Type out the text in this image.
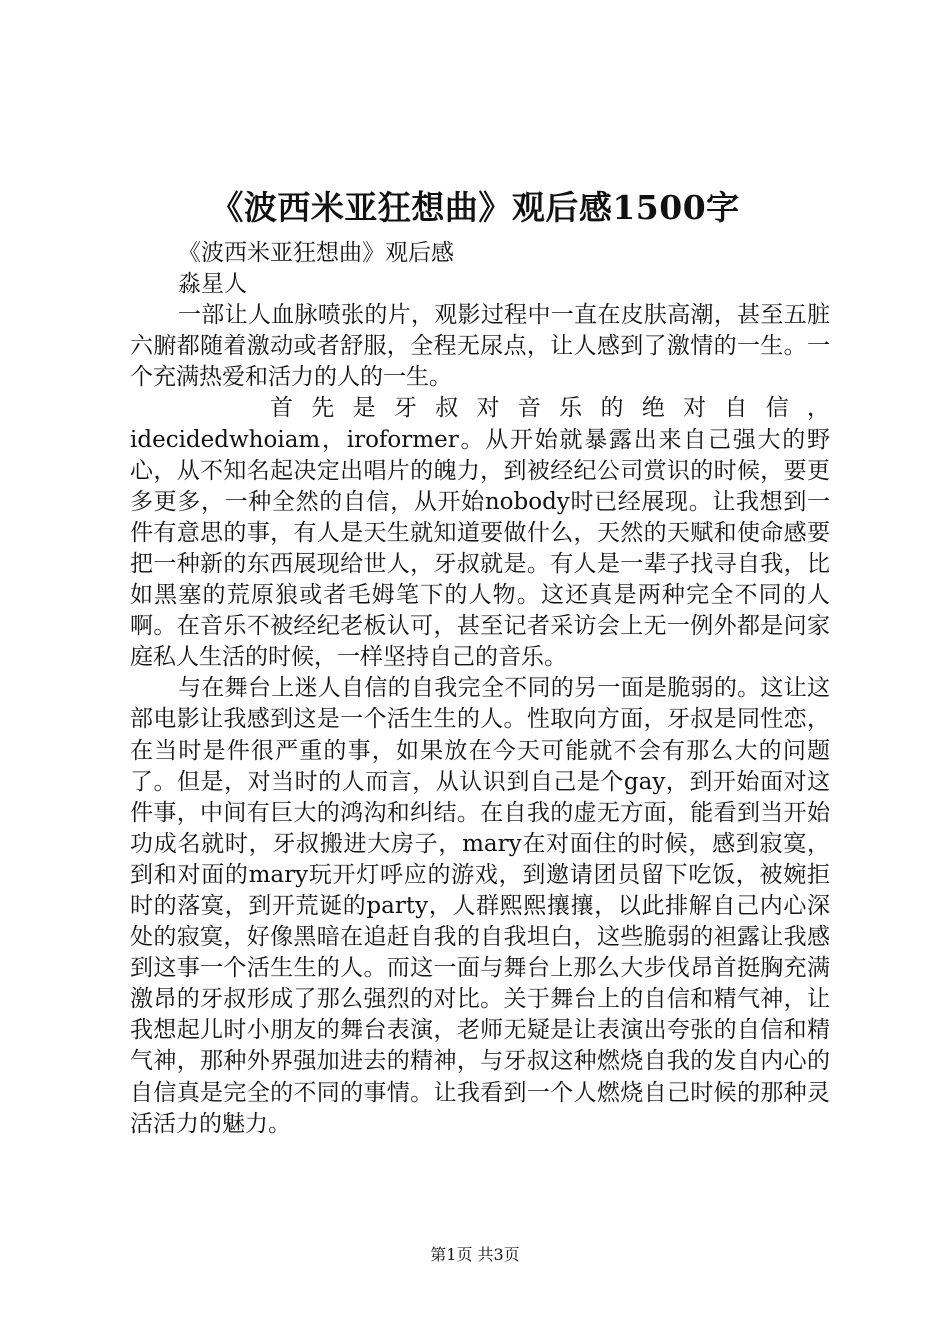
《波西米亚狂想曲》观后感1500字

《波西米亚狂想曲》观后感

淼星人

一部让人血脉喷张的片，观影过程中一直在皮肤高潮，甚至五脏六腑都随着激动或者舒服，全程无尿点，让人感到了激情的一生。一个充满热爱和活力的人的一生。

首先是牙叔对音乐的绝对自信，

idecidedwhoiam，iroformer。从开始就暴露出来自己强大的野心，从不知名起决定出唱片的魄力，到被经纪公司赏识的时候，要更多更多，一种全然的自信，从开始nobody时已经展现。让我想到一件有意思的事，有人是天生就知道要做什么，天然的天赋和使命感要把一种新的东西展现给世人，牙叔就是。有人是一辈子找寻自我，比如黑塞的荒原狼或者毛姆笔下的人物。这还真是两种完全不同的人啊。在音乐不被经纪老板认可，甚至记者采访会上无一例外都是问家庭私人生活的时候，一样坚持自己的音乐。

与在舞台上迷人自信的自我完全不同的另一面是脆弱的。这让这部电影让我感到这是一个活生生的人。性取向方面，牙叔是同性恋，在当时是件很严重的事，如果放在今天可能就不会有那么大的问题了。但是，对当时的人而言，从认识到自己是个gay，到开始面对这件事，中间有巨大的鸿沟和纠结。在自我的虚无方面，能看到当开始功成名就时，牙叔搬进大房子，mary在对面住的时候，感到寂寞，到和对面的mary玩开灯呼应的游戏，到邀请团员留下吃饭，被婉拒时的落寞，到开荒诞的party，人群熙熙攘攘，以此排解自己内心深处的寂寞，好像黑暗在追赶自我的自我坦白，这些脆弱的袒露让我感到这事一个活生生的人。而这一面与舞台上那么大步伐昂首挺胸充满激昂的牙叔形成了那么强烈的对比。关于舞台上的自信和精气神，让我想起儿时小朋友的舞台表演，老师无疑是让表演出夸张的自信和精气神，那种外界强加进去的精神，与牙叔这种燃烧自我的发自内心的自信真是完全的不同的事情。让我看到一个人燃烧自己时候的那种灵活活力的魅力。

第1页 共3页
